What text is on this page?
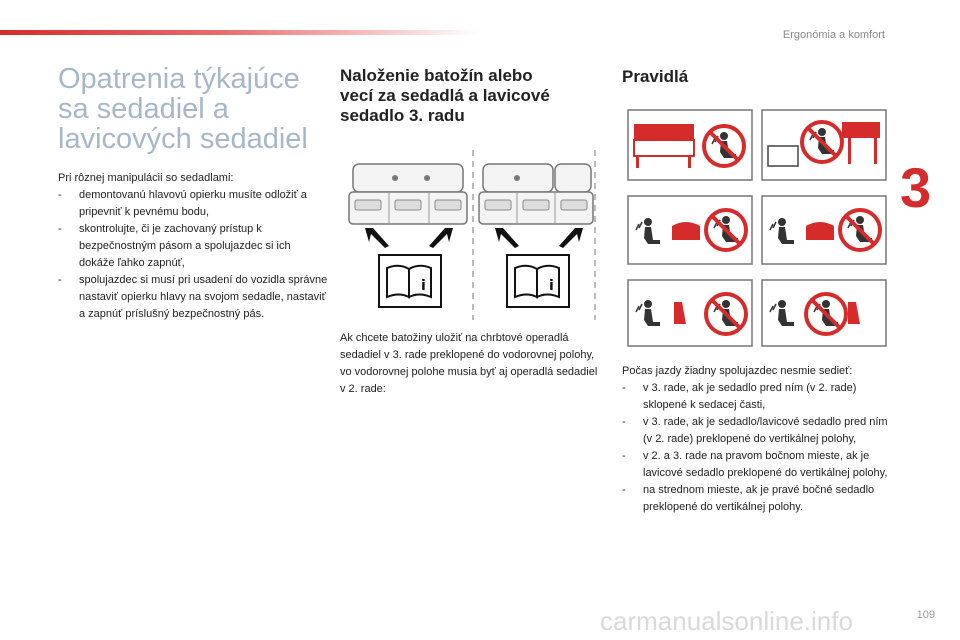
Ergonómia a komfort
3
Opatrenia týkajúce
sa sedadiel a
lavicových sedadiel

Pri rôznej manipulácii so sedadlami:

- demontovanú hlavovú opierku musíte odložiť a pripevniť k pevnému bodu,
- skontrolujte, či je zachovaný prístup k bezpečnostným pásom a spolujazdec si ich dokáže ľahko zapnúť,
- spolujazdec si musí pri usadení do vozidla správne nastaviť opierku hlavy na svojom sedadle, nastaviť a zapnúť príslušný bezpečnostný pás.
Naloženie batožín alebo
vecí za sedadlá a lavicové
sedadlo 3. radu
i	i
Ak chcete batožiny uložiť na chrbtové operadlá sedadiel v 3. rade preklopené do vodorovnej polohy, vo vodorovnej polohe musia byť aj operadlá sedadiel v 2. rade:
Pravidlá

Počas jazdy žiadny spolujazdec nesmie sedieť:

- v 3. rade, ak je sedadlo pred ním (v 2. rade) sklopené k sedacej časti,
- v 3. rade, ak je sedadlo/lavicové sedadlo pred ním (v 2. rade) preklopené do vertikálnej polohy,
- v 2. a 3. rade na pravom bočnom mieste, ak je lavicové sedadlo preklopené do vertikálnej polohy,
- na strednom mieste, ak je pravé bočné sedadlo preklopené do vertikálnej polohy.
carmanualsonline.info	109
